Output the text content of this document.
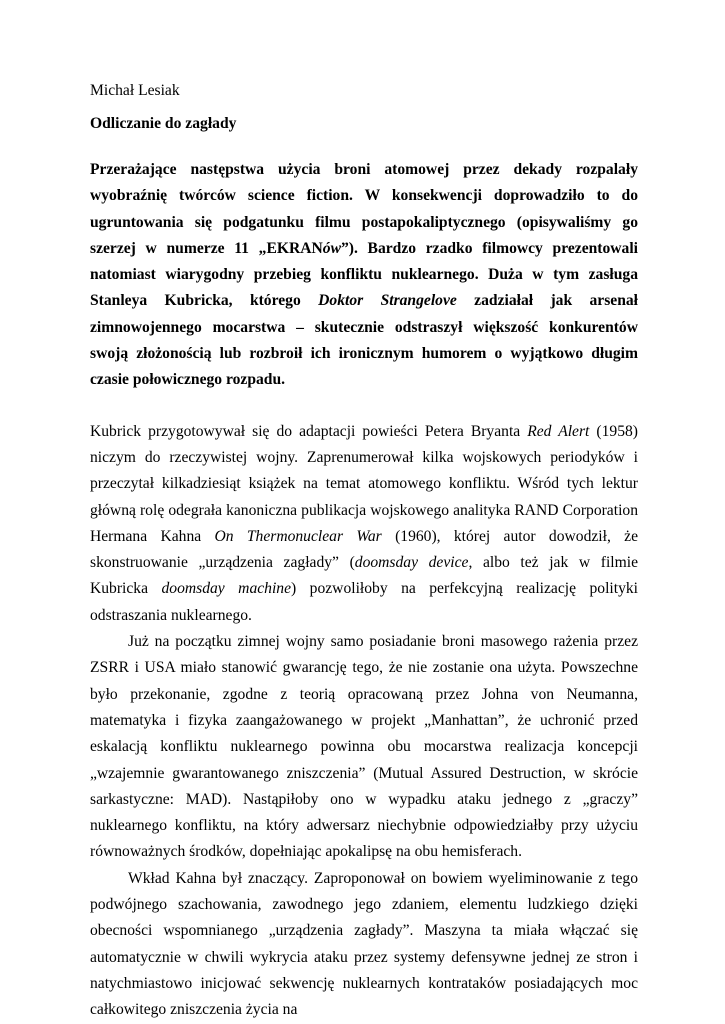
Michał Lesiak

Odliczanie do zagłady

Przerażające następstwa użycia broni atomowej przez dekady rozpalały wyobraźnię twórców science fiction. W konsekwencji doprowadziło to do ugruntowania się podgatunku filmu postapokaliptycznego (opisywaliśmy go szerzej w numerze 11 „EKRANów”). Bardzo rzadko filmowcy prezentowali natomiast wiarygodny przebieg konfliktu nuklearnego. Duża w tym zasługa Stanleya Kubricka, którego Doktor Strangelove zadziałał jak arsenał zimnowojennego mocarstwa – skutecznie odstraszył większość konkurentów swoją złożonością lub rozbroił ich ironicznym humorem o wyjątkowo długim czasie połowicznego rozpadu.

Kubrick przygotowywał się do adaptacji powieści Petera Bryanta Red Alert (1958) niczym do rzeczywistej wojny. Zaprenumerował kilka wojskowych periodyków i przeczytał kilkadziesiąt książek na temat atomowego konfliktu. Wśród tych lektur główną rolę odegrała kanoniczna publikacja wojskowego analityka RAND Corporation Hermana Kahna On Thermonuclear War (1960), której autor dowodził, że skonstruowanie „urządzenia zagłady” (doomsday device, albo też jak w filmie Kubricka doomsday machine) pozwoliłoby na perfekcyjną realizację polityki odstraszania nuklearnego.

Już na początku zimnej wojny samo posiadanie broni masowego rażenia przez ZSRR i USA miało stanowić gwarancję tego, że nie zostanie ona użyta. Powszechne było przekonanie, zgodne z teorią opracowaną przez Johna von Neumanna, matematyka i fizyka zaangażowanego w projekt „Manhattan”, że uchronić przed eskalacją konfliktu nuklearnego powinna obu mocarstwa realizacja koncepcji „wzajemnie gwarantowanego zniszczenia” (Mutual Assured Destruction, w skrócie sarkastyczne: MAD). Nastąpiłoby ono w wypadku ataku jednego z „graczy” nuklearnego konfliktu, na który adwersarz niechybnie odpowiedziałby przy użyciu równoważnych środków, dopełniając apokalipsę na obu hemisferach.

Wkład Kahna był znaczący. Zaproponował on bowiem wyeliminowanie z tego podwójnego szachowania, zawodnego jego zdaniem, elementu ludzkiego dzięki obecności wspomnianego „urządzenia zagłady”. Maszyna ta miała włączać się automatycznie w chwili wykrycia ataku przez systemy defensywne jednej ze stron i natychmiastowo inicjować sekwencję nuklearnych kontrataków posiadających moc całkowitego zniszczenia życia na
